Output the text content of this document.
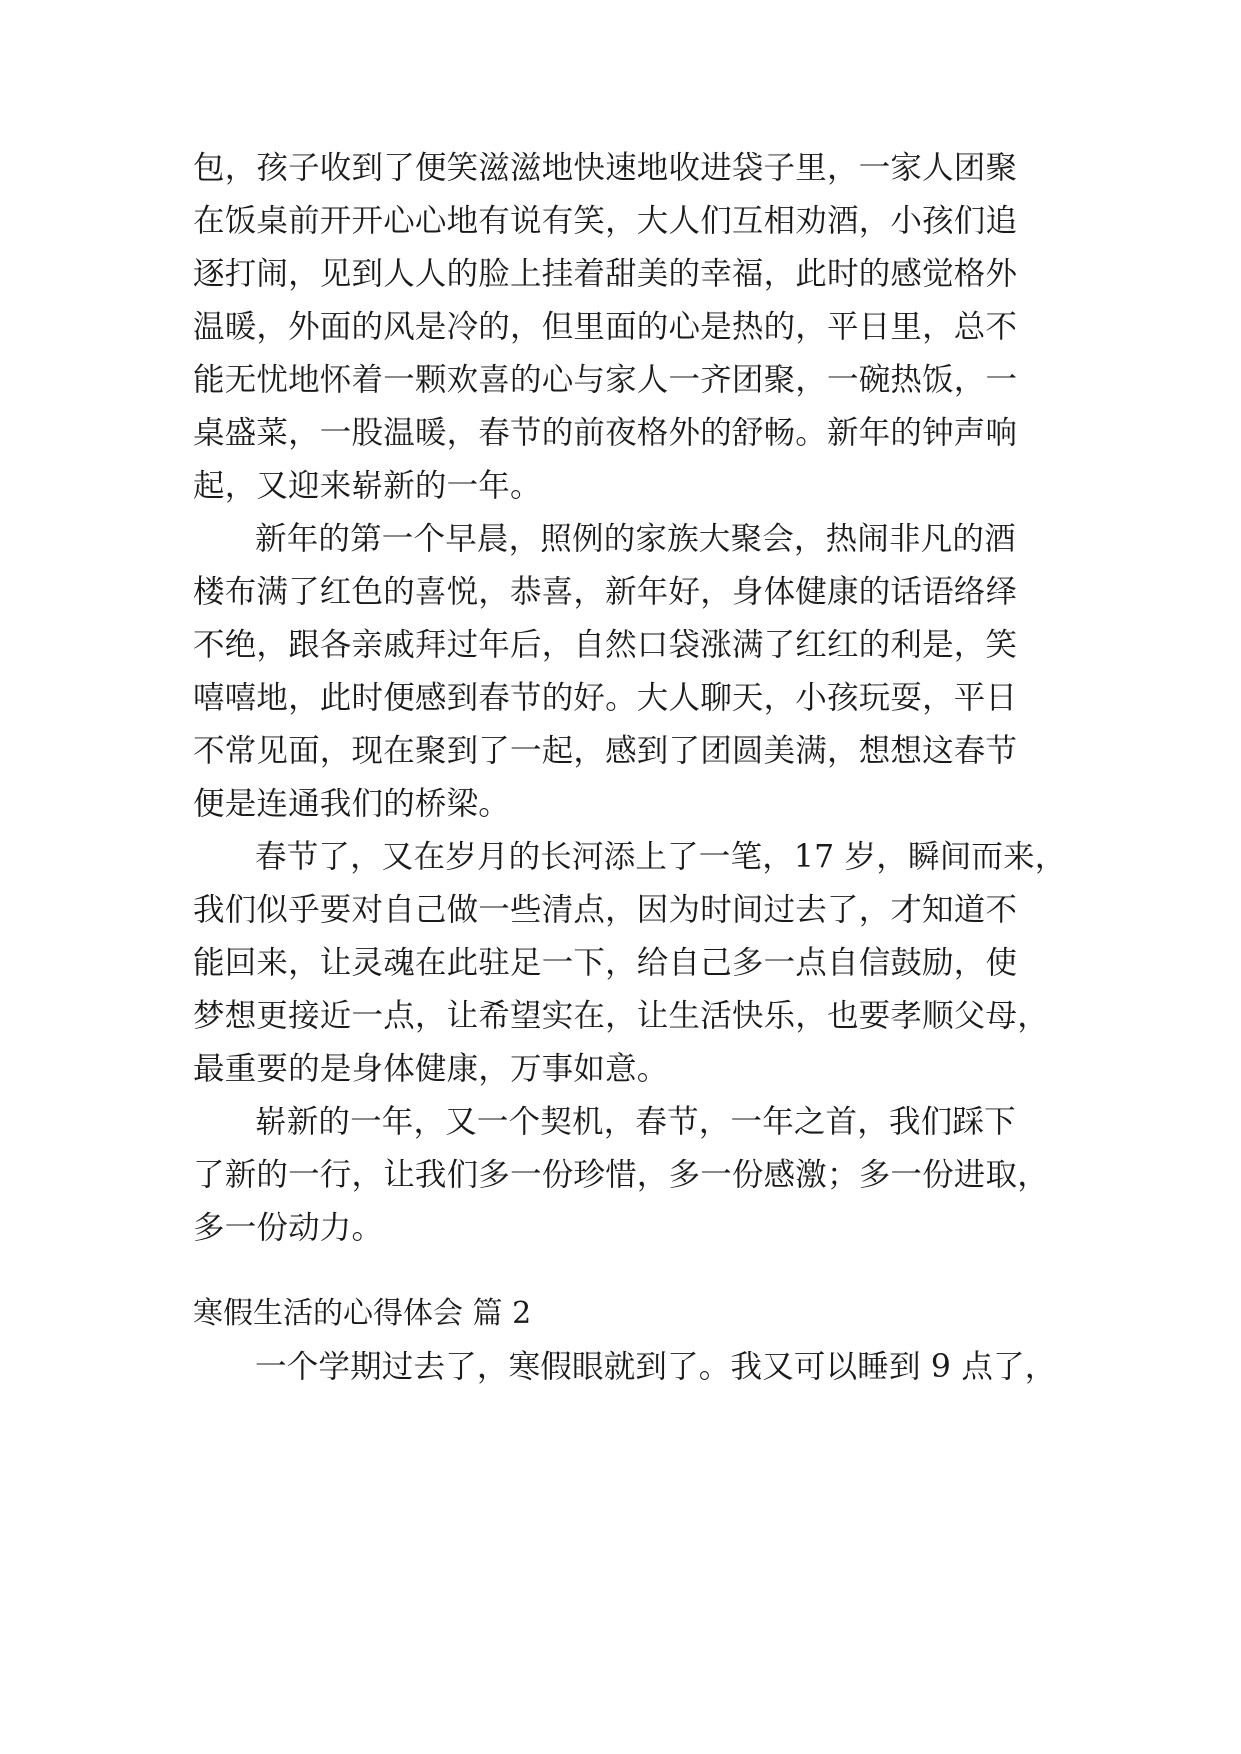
包，孩子收到了便笑滋滋地快速地收进袋子里，一家人团聚
在饭桌前开开心心地有说有笑，大人们互相劝酒，小孩们追
逐打闹，见到人人的脸上挂着甜美的幸福，此时的感觉格外
温暖，外面的风是冷的，但里面的心是热的，平日里，总不
能无忧地怀着一颗欢喜的心与家人一齐团聚，一碗热饭，一
桌盛菜，一股温暖，春节的前夜格外的舒畅。新年的钟声响
起，又迎来崭新的一年。
新年的第一个早晨，照例的家族大聚会，热闹非凡的酒
楼布满了红色的喜悦，恭喜，新年好，身体健康的话语络绎
不绝，跟各亲戚拜过年后，自然口袋涨满了红红的利是，笑
嘻嘻地，此时便感到春节的好。大人聊天，小孩玩耍，平日
不常见面，现在聚到了一起，感到了团圆美满，想想这春节
便是连通我们的桥梁。
春节了，又在岁月的长河添上了一笔，17 岁，瞬间而来，
我们似乎要对自己做一些清点，因为时间过去了，才知道不
能回来，让灵魂在此驻足一下，给自己多一点自信鼓励，使
梦想更接近一点，让希望实在，让生活快乐，也要孝顺父母，
最重要的是身体健康，万事如意。
崭新的一年，又一个契机，春节，一年之首，我们踩下
了新的一行，让我们多一份珍惜，多一份感激；多一份进取，
多一份动力。
寒假生活的心得体会 篇 2
一个学期过去了，寒假眼就到了。我又可以睡到 9 点了，
